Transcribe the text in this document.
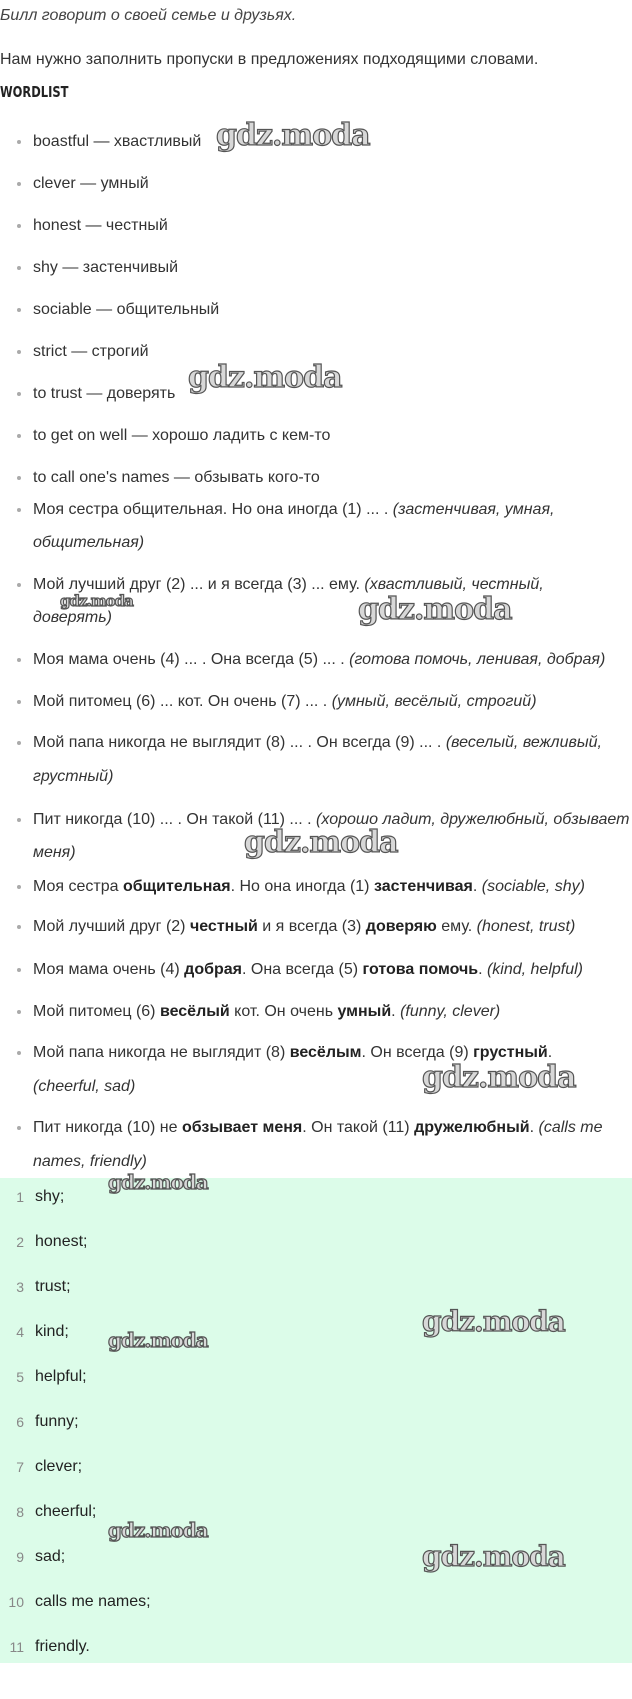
Билл говорит о своей семье и друзьях.
Нам нужно заполнить пропуски в предложениях подходящими словами.
WORDLIST
boastful — хвастливый
clever — умный
honest — честный
shy — застенчивый
sociable — общительный
strict — строгий
to trust — доверять
to get on well — хорошо ладить с кем-то
to call one's names — обзывать кого-то
Моя сестра общительная. Но она иногда (1) ... . (застенчивая, умная,
общительная)
Мой лучший друг (2) ... и я всегда (3) ... ему. (хвастливый, честный,
доверять)
Моя мама очень (4) ... . Она всегда (5) ... . (готова помочь, ленивая, добрая)
Мой питомец (6) ... кот. Он очень (7) ... . (умный, весёлый, строгий)
Мой папа никогда не выглядит (8) ... . Он всегда (9) ... . (веселый, вежливый,
грустный)
Пит никогда (10) ... . Он такой (11) ... . (хорошо ладит, дружелюбный, обзывает
меня)
Моя сестра общительная. Но она иногда (1) застенчивая. (sociable, shy)
Мой лучший друг (2) честный и я всегда (3) доверяю ему. (honest, trust)
Моя мама очень (4) добрая. Она всегда (5) готова помочь. (kind, helpful)
Мой питомец (6) весёлый кот. Он очень умный. (funny, clever)
Мой папа никогда не выглядит (8) весёлым. Он всегда (9) грустный.
(cheerful, sad)
Пит никогда (10) не обзывает меня. Он такой (11) дружелюбный. (calls me
names, friendly)
1 shy;
2 honest;
3 trust;
4 kind;
5 helpful;
6 funny;
7 clever;
8 cheerful;
9 sad;
10 calls me names;
11 friendly.
gdz.moda
gdz.moda
gdz.moda	gdz.moda
gdz.moda
gdz.moda
gdz.moda
gdz.moda
gdz.moda
gdz.moda
gdz.moda
